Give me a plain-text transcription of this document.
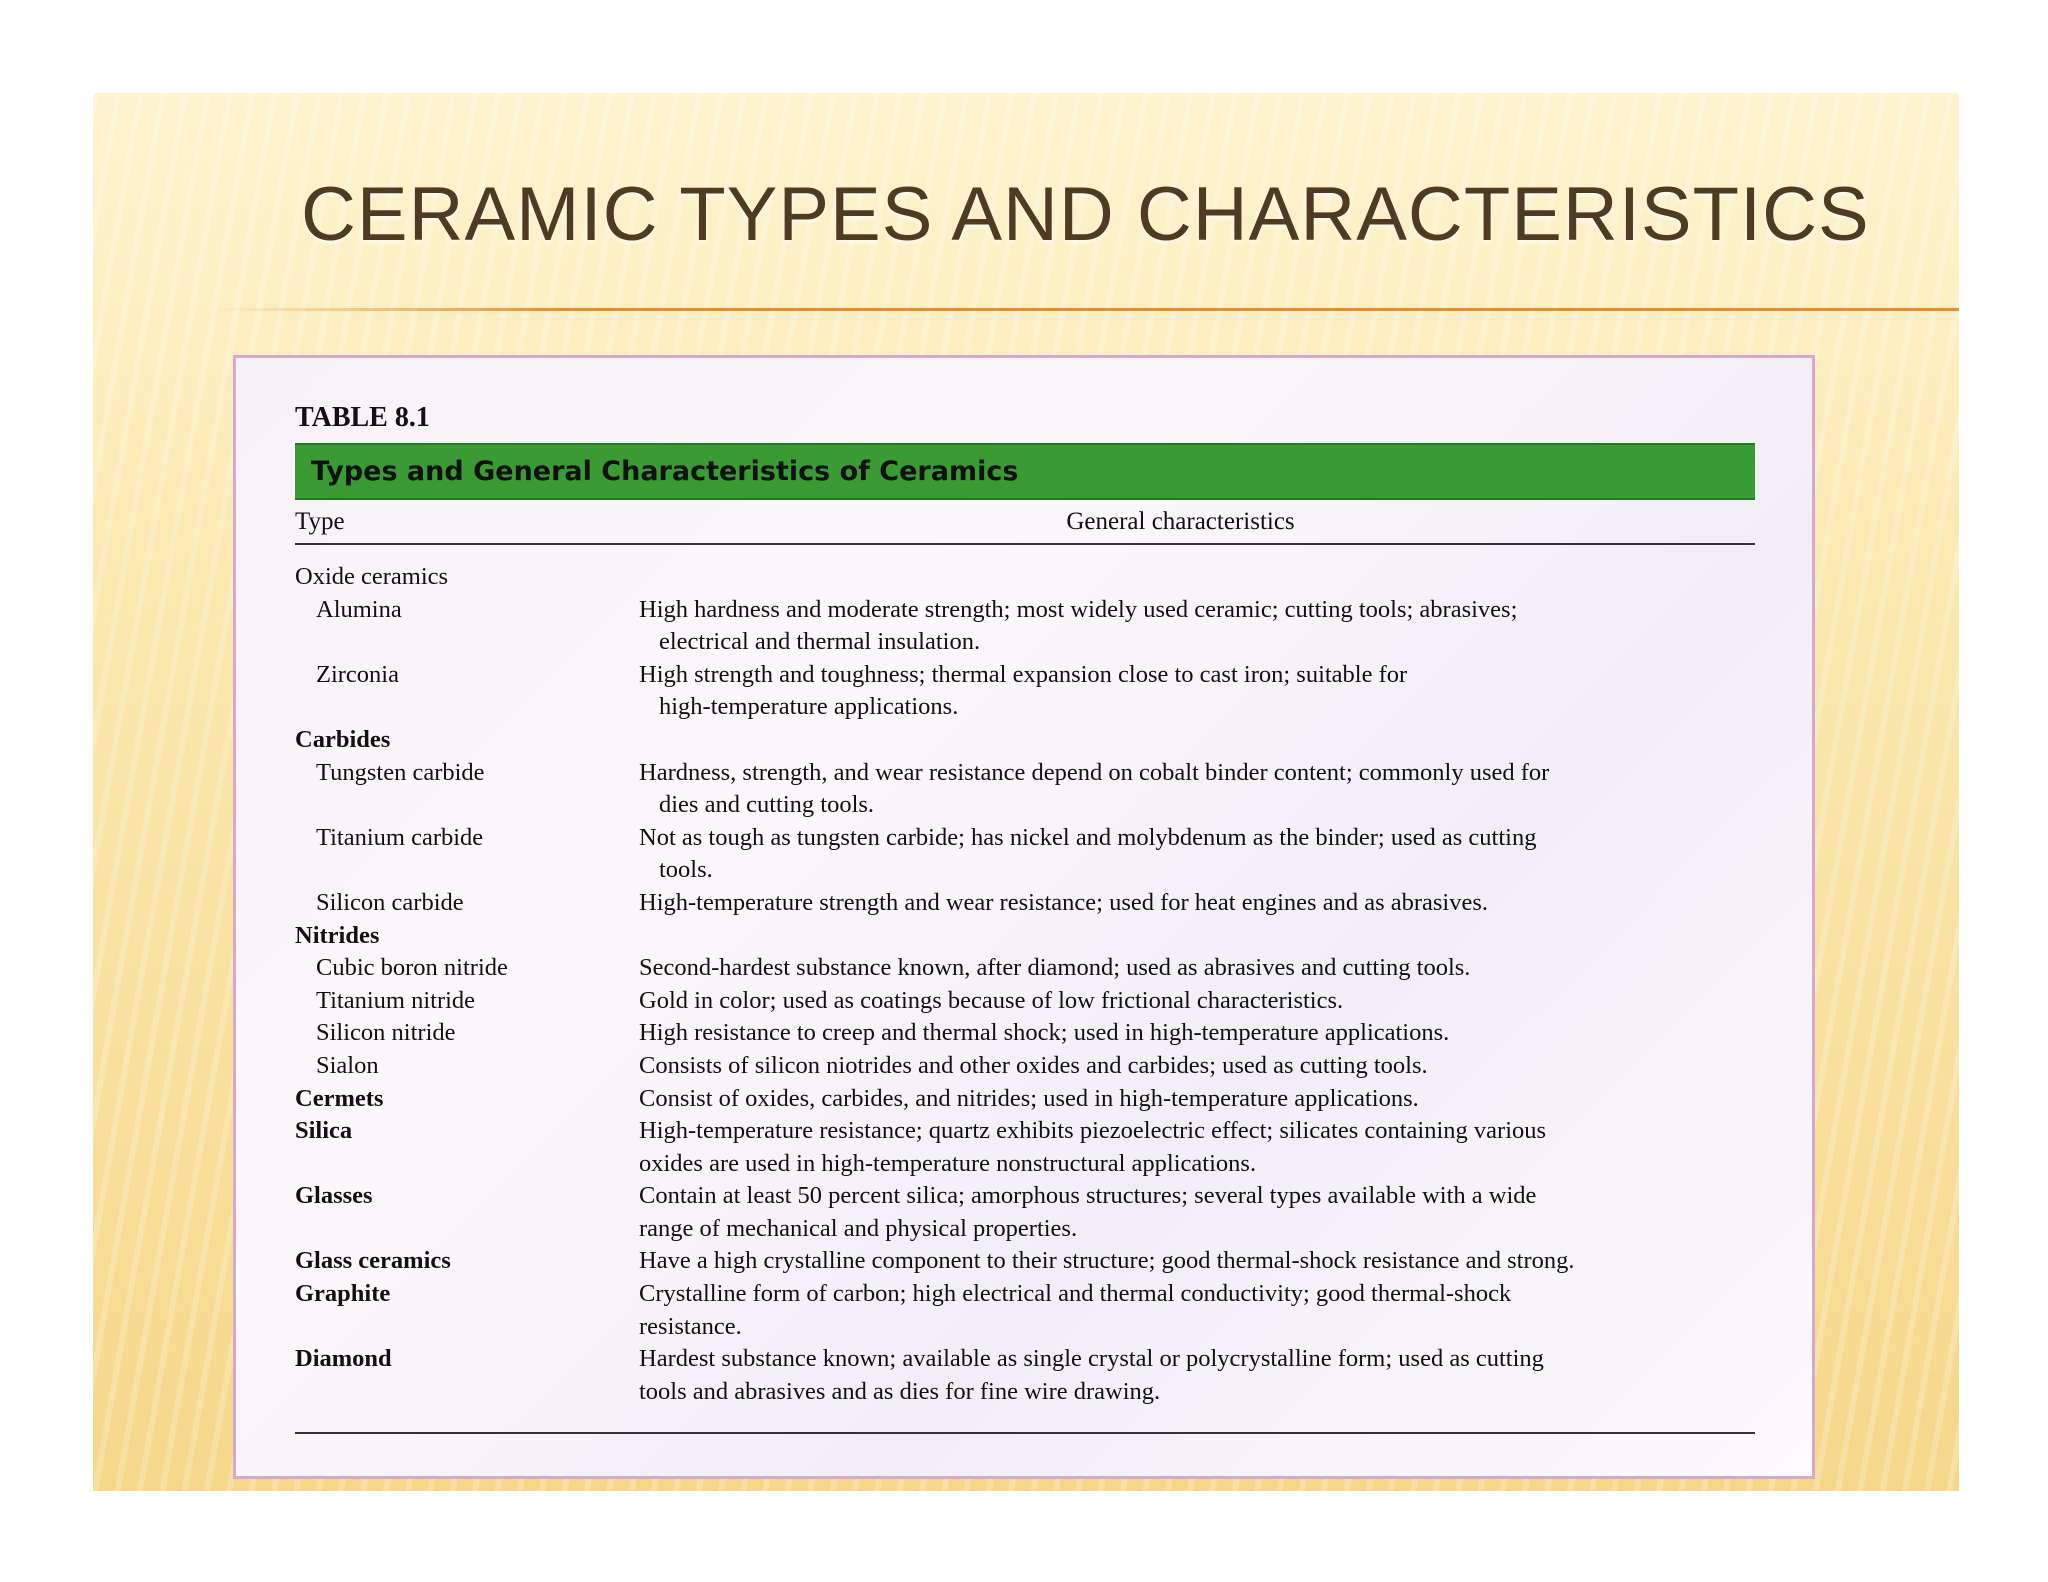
CERAMIC TYPES AND CHARACTERISTICS
TABLE 8.1
Types and General Characteristics of Ceramics
Type	General characteristics
Oxide ceramics
Alumina	High hardness and moderate strength; most widely used ceramic; cutting tools; abrasives;
electrical and thermal insulation.
Zirconia	High strength and toughness; thermal expansion close to cast iron; suitable for
high-temperature applications.
Carbides
Tungsten carbide	Hardness, strength, and wear resistance depend on cobalt binder content; commonly used for
dies and cutting tools.
Titanium carbide	Not as tough as tungsten carbide; has nickel and molybdenum as the binder; used as cutting
tools.
Silicon carbide	High-temperature strength and wear resistance; used for heat engines and as abrasives.
Nitrides
Cubic boron nitride	Second-hardest substance known, after diamond; used as abrasives and cutting tools.
Titanium nitride	Gold in color; used as coatings because of low frictional characteristics.
Silicon nitride	High resistance to creep and thermal shock; used in high-temperature applications.
Sialon	Consists of silicon niotrides and other oxides and carbides; used as cutting tools.
Cermets	Consist of oxides, carbides, and nitrides; used in high-temperature applications.
Silica	High-temperature resistance; quartz exhibits piezoelectric effect; silicates containing various
oxides are used in high-temperature nonstructural applications.
Glasses	Contain at least 50 percent silica; amorphous structures; several types available with a wide
range of mechanical and physical properties.
Glass ceramics	Have a high crystalline component to their structure; good thermal-shock resistance and strong.
Graphite	Crystalline form of carbon; high electrical and thermal conductivity; good thermal-shock
resistance.
Diamond	Hardest substance known; available as single crystal or polycrystalline form; used as cutting
tools and abrasives and as dies for fine wire drawing.
